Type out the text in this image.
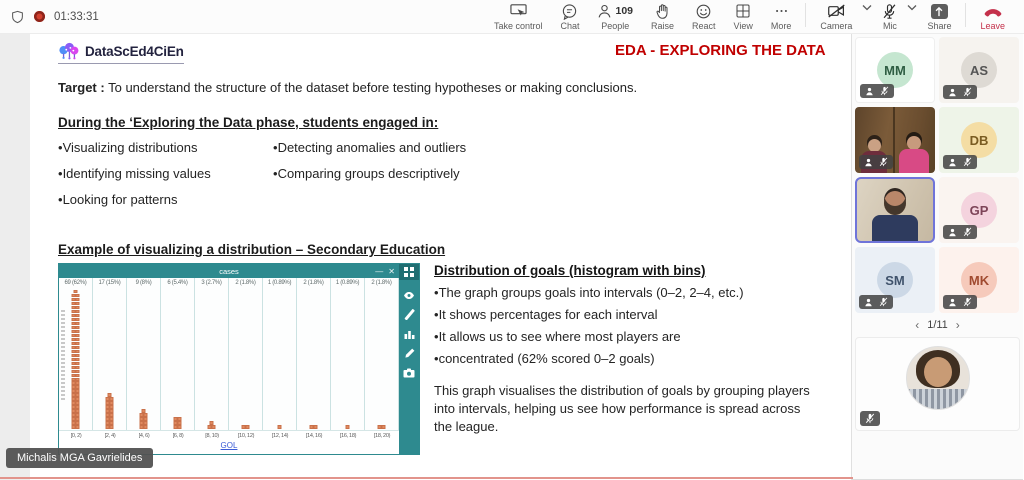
01:33:31
Take control Chat
109
People Raise React View More	Camera	Mic	Share	Leave
DataScEd4CiEn	EDA - EXPLORING THE DATA
Target : To understand the structure of the dataset before testing hypotheses or making conclusions.
During the ‘Exploring the Data phase, students engaged in:
• Visualizing distributions	• Detecting anomalies and outliers
• Identifying missing values	• Comparing groups descriptively
• Looking for patterns
Example of visualizing a distribution – Secondary Education
cases	— ✕
69 (62%)	17 (15%)	9 (8%)	6 (5.4%)	3 (2.7%)	2 (1.8%)	1 (0.89%)	2 (1.8%)	1 (0.89%)	2 (1.8%)
[0, 2)	[2, 4)	[4, 6)	[6, 8)	[8, 10)	[10, 12)	[12, 14)	[14, 16)	[16, 18)	[18, 20)
GOL
Distribution of goals (histogram with bins)
• The graph groups goals into intervals (0–2, 2–4, etc.)
• It shows percentages for each interval
• It allows us to see where most players are
• concentrated (62% scored 0–2 goals)
This graph visualises the distribution of goals by grouping players into intervals, helping us see how performance is spread across the league.
MM	AS
DB
GP
SM	MK
‹ 1/11 ›
Michalis MGA Gavrielides
